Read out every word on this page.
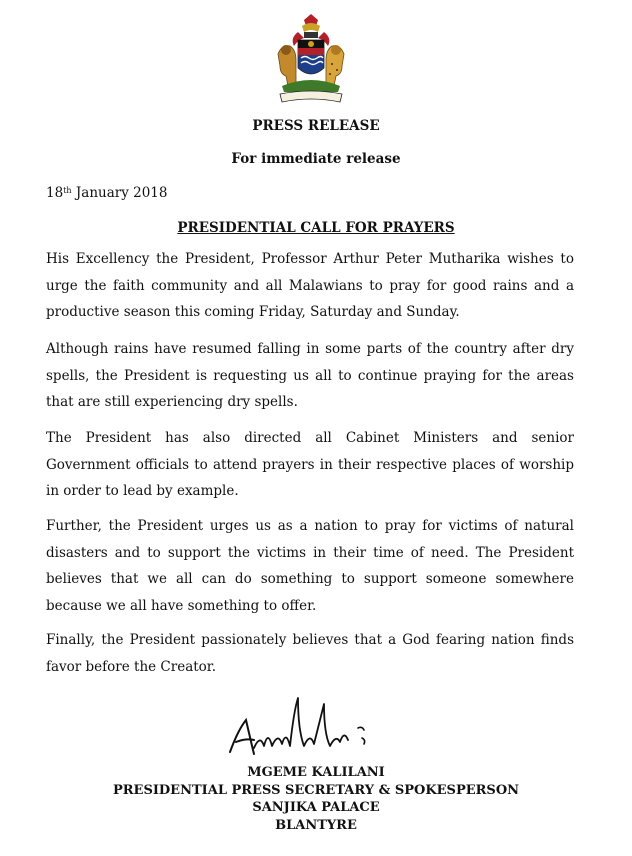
PRESS RELEASE
For immediate release
18th January 2018
PRESIDENTIAL CALL FOR PRAYERS

His Excellency the President, Professor Arthur Peter Mutharika wishes to urge the faith community and all Malawians to pray for good rains and a productive season this coming Friday, Saturday and Sunday.

Although rains have resumed falling in some parts of the country after dry spells, the President is requesting us all to continue praying for the areas that are still experiencing dry spells.

The President has also directed all Cabinet Ministers and senior Government officials to attend prayers in their respective places of worship in order to lead by example.

Further, the President urges us as a nation to pray for victims of natural disasters and to support the victims in their time of need. The President believes that we all can do something to support someone somewhere because we all have something to offer.

Finally, the President passionately believes that a God fearing nation finds favor before the Creator.

MGEME KALILANI
PRESIDENTIAL PRESS SECRETARY & SPOKESPERSON
SANJIKA PALACE
BLANTYRE
